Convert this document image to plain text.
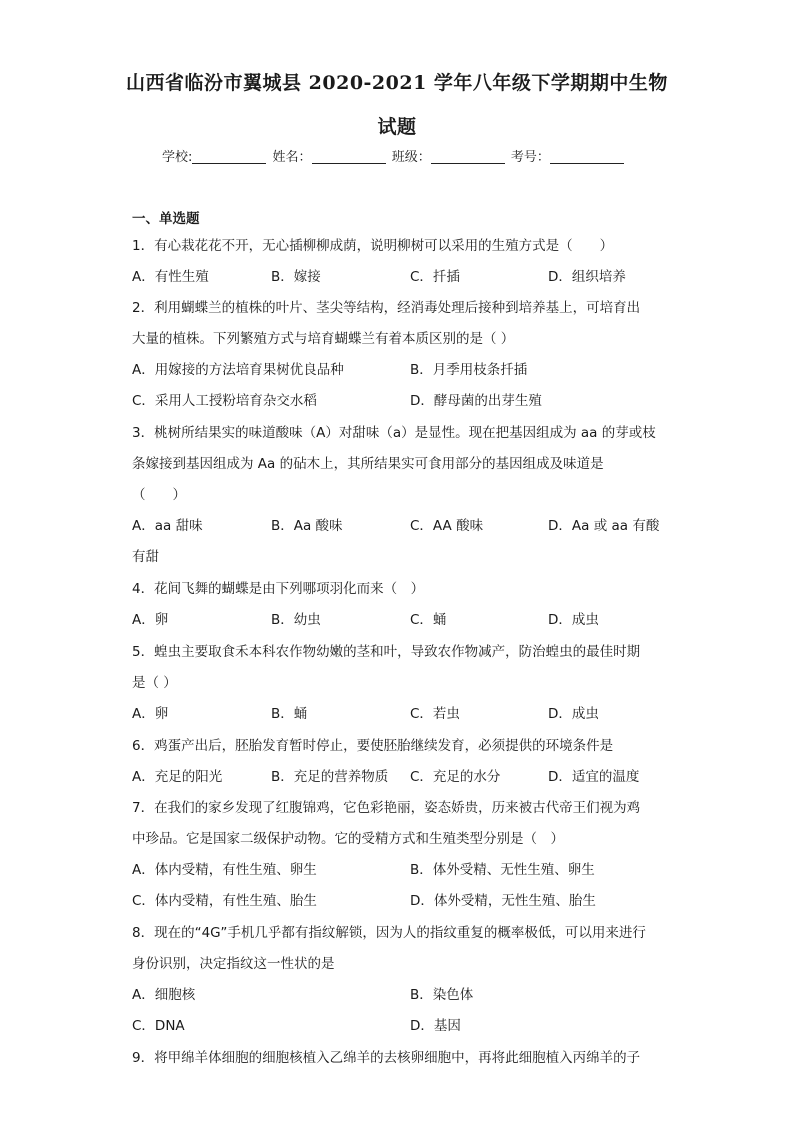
山西省临汾市翼城县 2020-2021 学年八年级下学期期中生物
试题
学校:	姓名：	班级：	考号：
一、单选题
1．有心栽花花不开，无心插柳柳成荫，说明柳树可以采用的生殖方式是（　　）
A．有性生殖	B．嫁接	C．扦插	D．组织培养
2．利用蝴蝶兰的植株的叶片、茎尖等结构，经消毒处理后接种到培养基上，可培育出
大量的植株。下列繁殖方式与培育蝴蝶兰有着本质区别的是（ ）
A．用嫁接的方法培育果树优良品种	B．月季用枝条扦插
C．采用人工授粉培育杂交水稻	D．酵母菌的出芽生殖
3．桃树所结果实的味道酸味（A）对甜味（a）是显性。现在把基因组成为 aa 的芽或枝
条嫁接到基因组成为 Aa 的砧木上，其所结果实可食用部分的基因组成及味道是
（　　）
A．aa 甜味	B．Aa 酸味	C．AA 酸味	D．Aa 或 aa 有酸
有甜
4．花间飞舞的蝴蝶是由下列哪项羽化而来（　）
A．卵	B．幼虫	C．蛹	D．成虫
5．蝗虫主要取食禾本科农作物幼嫩的茎和叶，导致农作物减产，防治蝗虫的最佳时期
是（ ）
A．卵	B．蛹	C．若虫	D．成虫
6．鸡蛋产出后，胚胎发育暂时停止，要使胚胎继续发育，必须提供的环境条件是
A．充足的阳光	B．充足的营养物质 C．充足的水分	D．适宜的温度
7．在我们的家乡发现了红腹锦鸡，它色彩艳丽，姿态娇贵，历来被古代帝王们视为鸡
中珍品。它是国家二级保护动物。它的受精方式和生殖类型分别是（　）
A．体内受精，有性生殖、卵生	B．体外受精、无性生殖、卵生
C．体内受精，有性生殖、胎生	D．体外受精，无性生殖、胎生
8．现在的“4G”手机几乎都有指纹解锁，因为人的指纹重复的概率极低，可以用来进行
身份识别，决定指纹这一性状的是
A．细胞核	B．染色体
C．DNA	D．基因
9．将甲绵羊体细胞的细胞核植入乙绵羊的去核卵细胞中，再将此细胞植入丙绵羊的子
